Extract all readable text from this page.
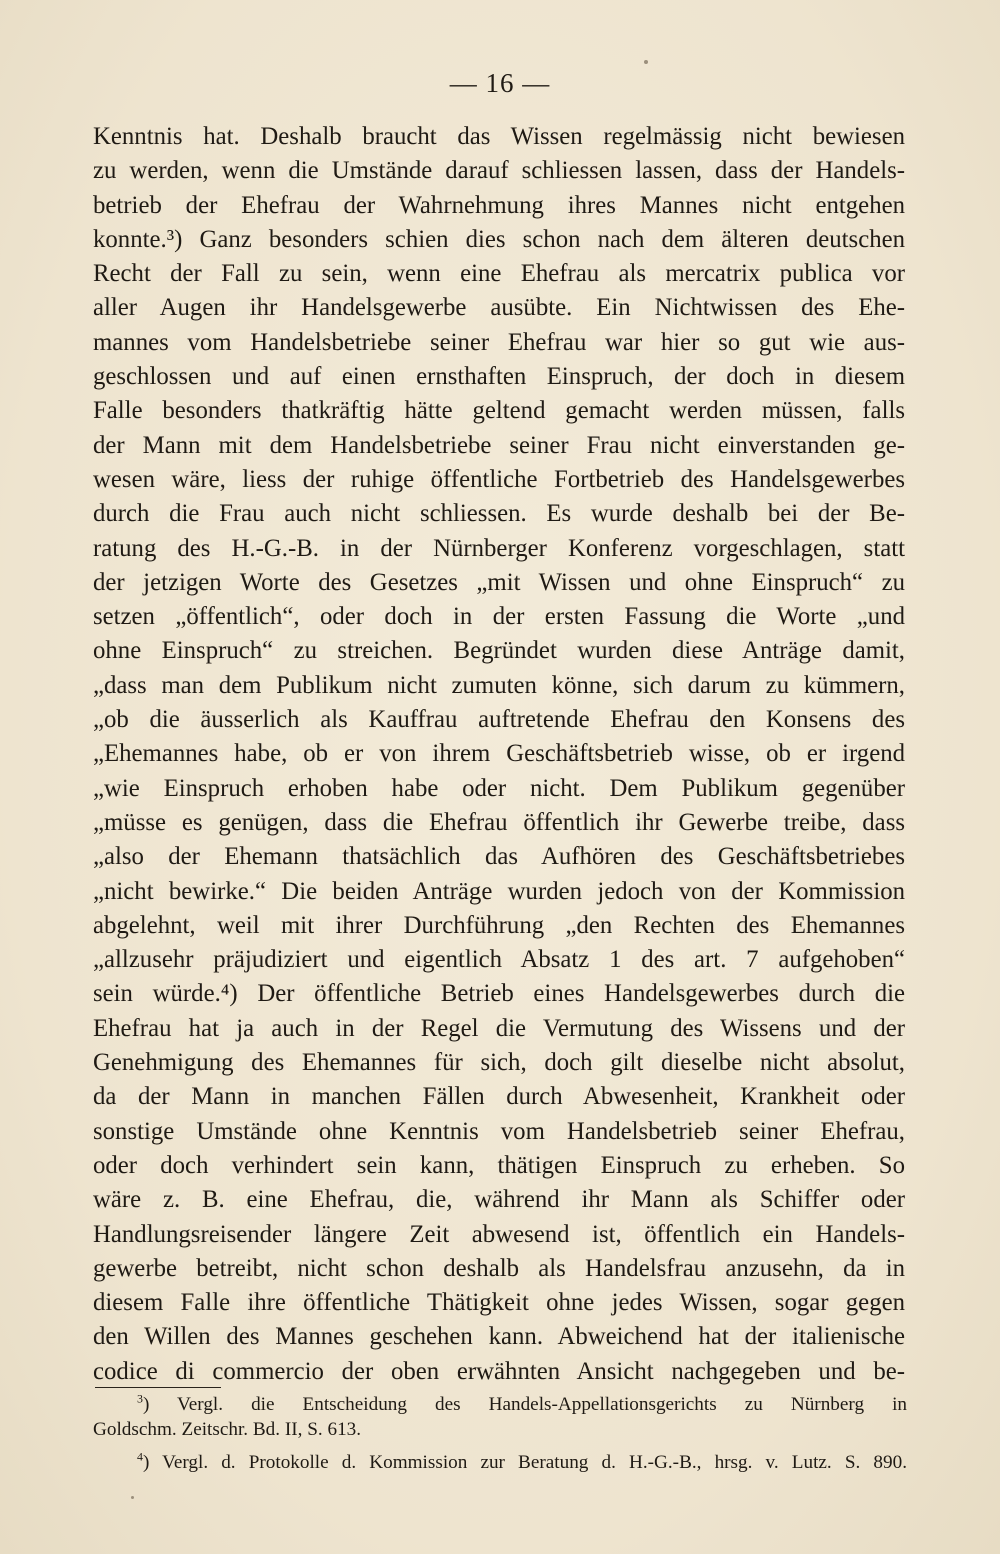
— 16 —
Kenntnis hat. Deshalb braucht das Wissen regelmässig nicht bewiesen
zu werden, wenn die Umstände darauf schliessen lassen, dass der Handels-
betrieb der Ehefrau der Wahrnehmung ihres Mannes nicht entgehen
konnte.³) Ganz besonders schien dies schon nach dem älteren deutschen
Recht der Fall zu sein, wenn eine Ehefrau als mercatrix publica vor
aller Augen ihr Handelsgewerbe ausübte. Ein Nichtwissen des Ehe-
mannes vom Handelsbetriebe seiner Ehefrau war hier so gut wie aus-
geschlossen und auf einen ernsthaften Einspruch, der doch in diesem
Falle besonders thatkräftig hätte geltend gemacht werden müssen, falls
der Mann mit dem Handelsbetriebe seiner Frau nicht einverstanden ge-
wesen wäre, liess der ruhige öffentliche Fortbetrieb des Handelsgewerbes
durch die Frau auch nicht schliessen. Es wurde deshalb bei der Be-
ratung des H.-G.-B. in der Nürnberger Konferenz vorgeschlagen, statt
der jetzigen Worte des Gesetzes „mit Wissen und ohne Einspruch“ zu
setzen „öffentlich“, oder doch in der ersten Fassung die Worte „und
ohne Einspruch“ zu streichen. Begründet wurden diese Anträge damit,
„dass man dem Publikum nicht zumuten könne, sich darum zu kümmern,
„ob die äusserlich als Kauffrau auftretende Ehefrau den Konsens des
„Ehemannes habe, ob er von ihrem Geschäftsbetrieb wisse, ob er irgend
„wie Einspruch erhoben habe oder nicht. Dem Publikum gegenüber
„müsse es genügen, dass die Ehefrau öffentlich ihr Gewerbe treibe, dass
„also der Ehemann thatsächlich das Aufhören des Geschäftsbetriebes
„nicht bewirke.“ Die beiden Anträge wurden jedoch von der Kommission
abgelehnt, weil mit ihrer Durchführung „den Rechten des Ehemannes
„allzusehr präjudiziert und eigentlich Absatz 1 des art. 7 aufgehoben“
sein würde.⁴) Der öffentliche Betrieb eines Handelsgewerbes durch die
Ehefrau hat ja auch in der Regel die Vermutung des Wissens und der
Genehmigung des Ehemannes für sich, doch gilt dieselbe nicht absolut,
da der Mann in manchen Fällen durch Abwesenheit, Krankheit oder
sonstige Umstände ohne Kenntnis vom Handelsbetrieb seiner Ehefrau,
oder doch verhindert sein kann, thätigen Einspruch zu erheben. So
wäre z. B. eine Ehefrau, die, während ihr Mann als Schiffer oder
Handlungsreisender längere Zeit abwesend ist, öffentlich ein Handels-
gewerbe betreibt, nicht schon deshalb als Handelsfrau anzusehn, da in
diesem Falle ihre öffentliche Thätigkeit ohne jedes Wissen, sogar gegen
den Willen des Mannes geschehen kann. Abweichend hat der italienische
codice di commercio der oben erwähnten Ansicht nachgegeben und be-
$^3$) Vergl. die Entscheidung des Handels-Appellationsgerichts zu Nürnberg in
Goldschm. Zeitschr. Bd. II, S. 613.
$^4$) Vergl. d. Protokolle d. Kommission zur Beratung d. H.-G.-B., hrsg. v. Lutz. S. 890.
